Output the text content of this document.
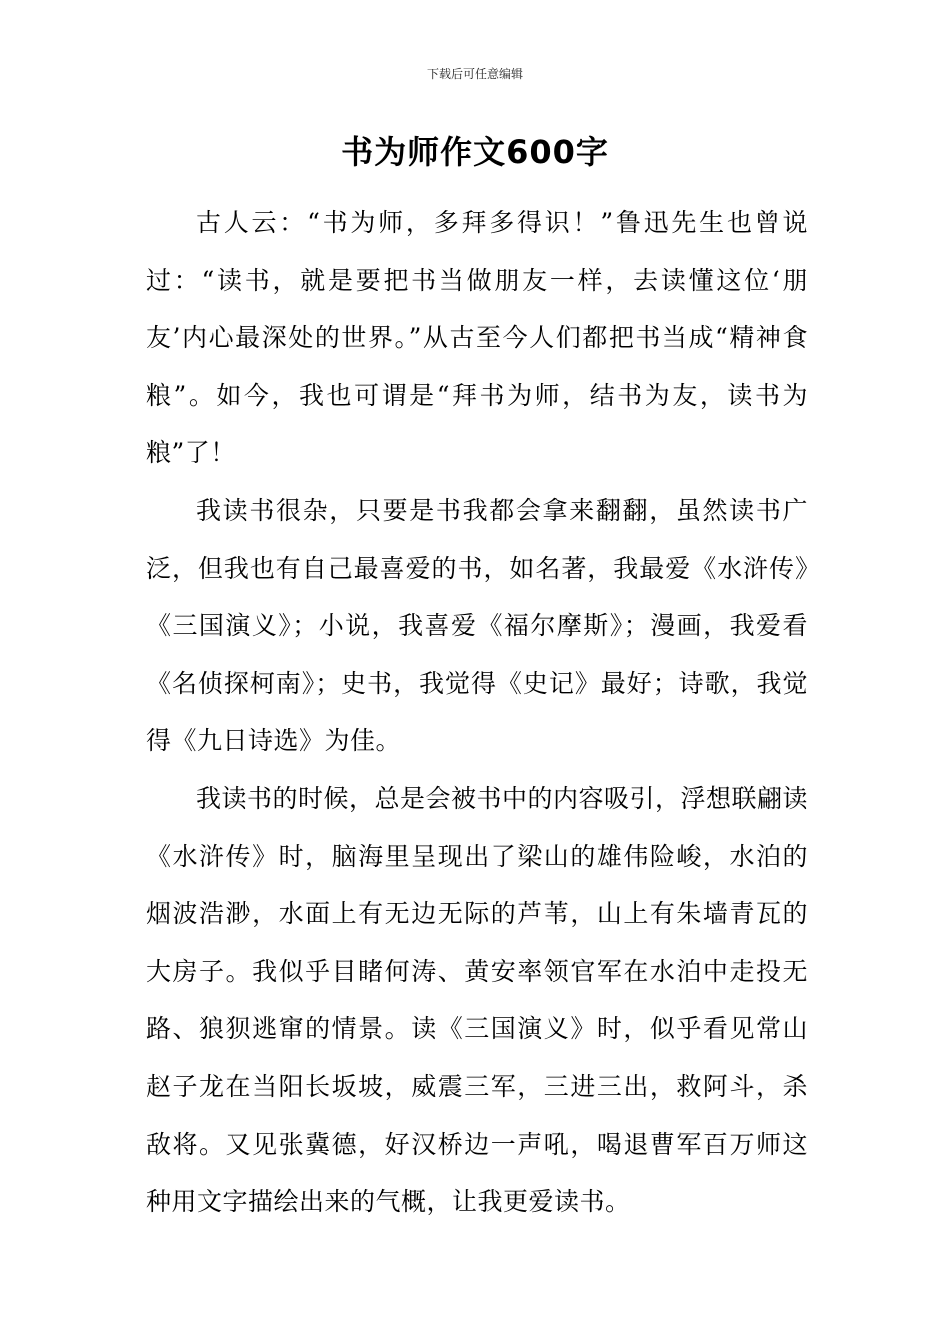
下载后可任意编辑
书为师作文600字

古人云：“书为师，多拜多得识！”鲁迅先生也曾说过：“读书，就是要把书当做朋友一样，去读懂这位‘朋友’内心最深处的世界。”从古至今人们都把书当成“精神食粮”。如今，我也可谓是“拜书为师，结书为友，读书为粮”了！

我读书很杂，只要是书我都会拿来翻翻，虽然读书广泛，但我也有自己最喜爱的书，如名著，我最爱《水浒传》《三国演义》；小说，我喜爱《福尔摩斯》；漫画，我爱看《名侦探柯南》；史书，我觉得《史记》最好；诗歌，我觉得《九日诗选》为佳。

我读书的时候，总是会被书中的内容吸引，浮想联翩读《水浒传》时，脑海里呈现出了梁山的雄伟险峻，水泊的烟波浩渺，水面上有无边无际的芦苇，山上有朱墙青瓦的大房子。我似乎目睹何涛、黄安率领官军在水泊中走投无路、狼狈逃窜的情景。读《三国演义》时，似乎看见常山赵子龙在当阳长坂坡，威震三军，三进三出，救阿斗，杀敌将。又见张冀德，好汉桥边一声吼，喝退曹军百万师这种用文字描绘出来的气概，让我更爱读书。
